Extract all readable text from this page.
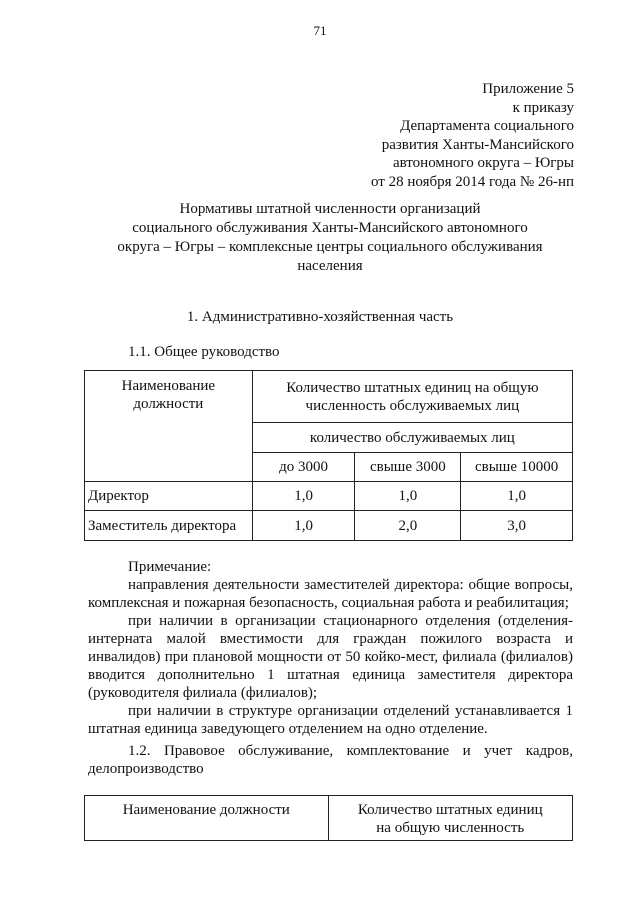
71
Приложение 5
к приказу
Департамента социального
развития Ханты-Мансийского
автономного округа – Югры
от 28 ноября 2014 года № 26-нп
Нормативы штатной численности организаций
социального обслуживания Ханты-Мансийского автономного
округа – Югры – комплексные центры социального обслуживания
населения
1. Административно-хозяйственная часть
1.1. Общее руководство
Наименование должности	Количество штатных единиц на общую численность обслуживаемых лиц		
	количество обслуживаемых лиц		
	до 3000	свыше 3000	свыше 10000
Директор	1,0	1,0	1,0
Заместитель директора	1,0	2,0	3,0

Примечание:

направления деятельности заместителей директора: общие вопросы, комплексная и пожарная безопасность, социальная работа и реабилитация;

при наличии в организации стационарного отделения (отделения-интерната малой вместимости для граждан пожилого возраста и инвалидов) при плановой мощности от 50 койко-мест, филиала (филиалов) вводится дополнительно 1 штатная единица заместителя директора (руководителя филиала (филиалов);

при наличии в структуре организации отделений устанавливается 1 штатная единица заведующего отделением на одно отделение.

1.2. Правовое обслуживание, комплектование и учет кадров, делопроизводство

Наименование должности	Количество штатных единиц
на общую численность
